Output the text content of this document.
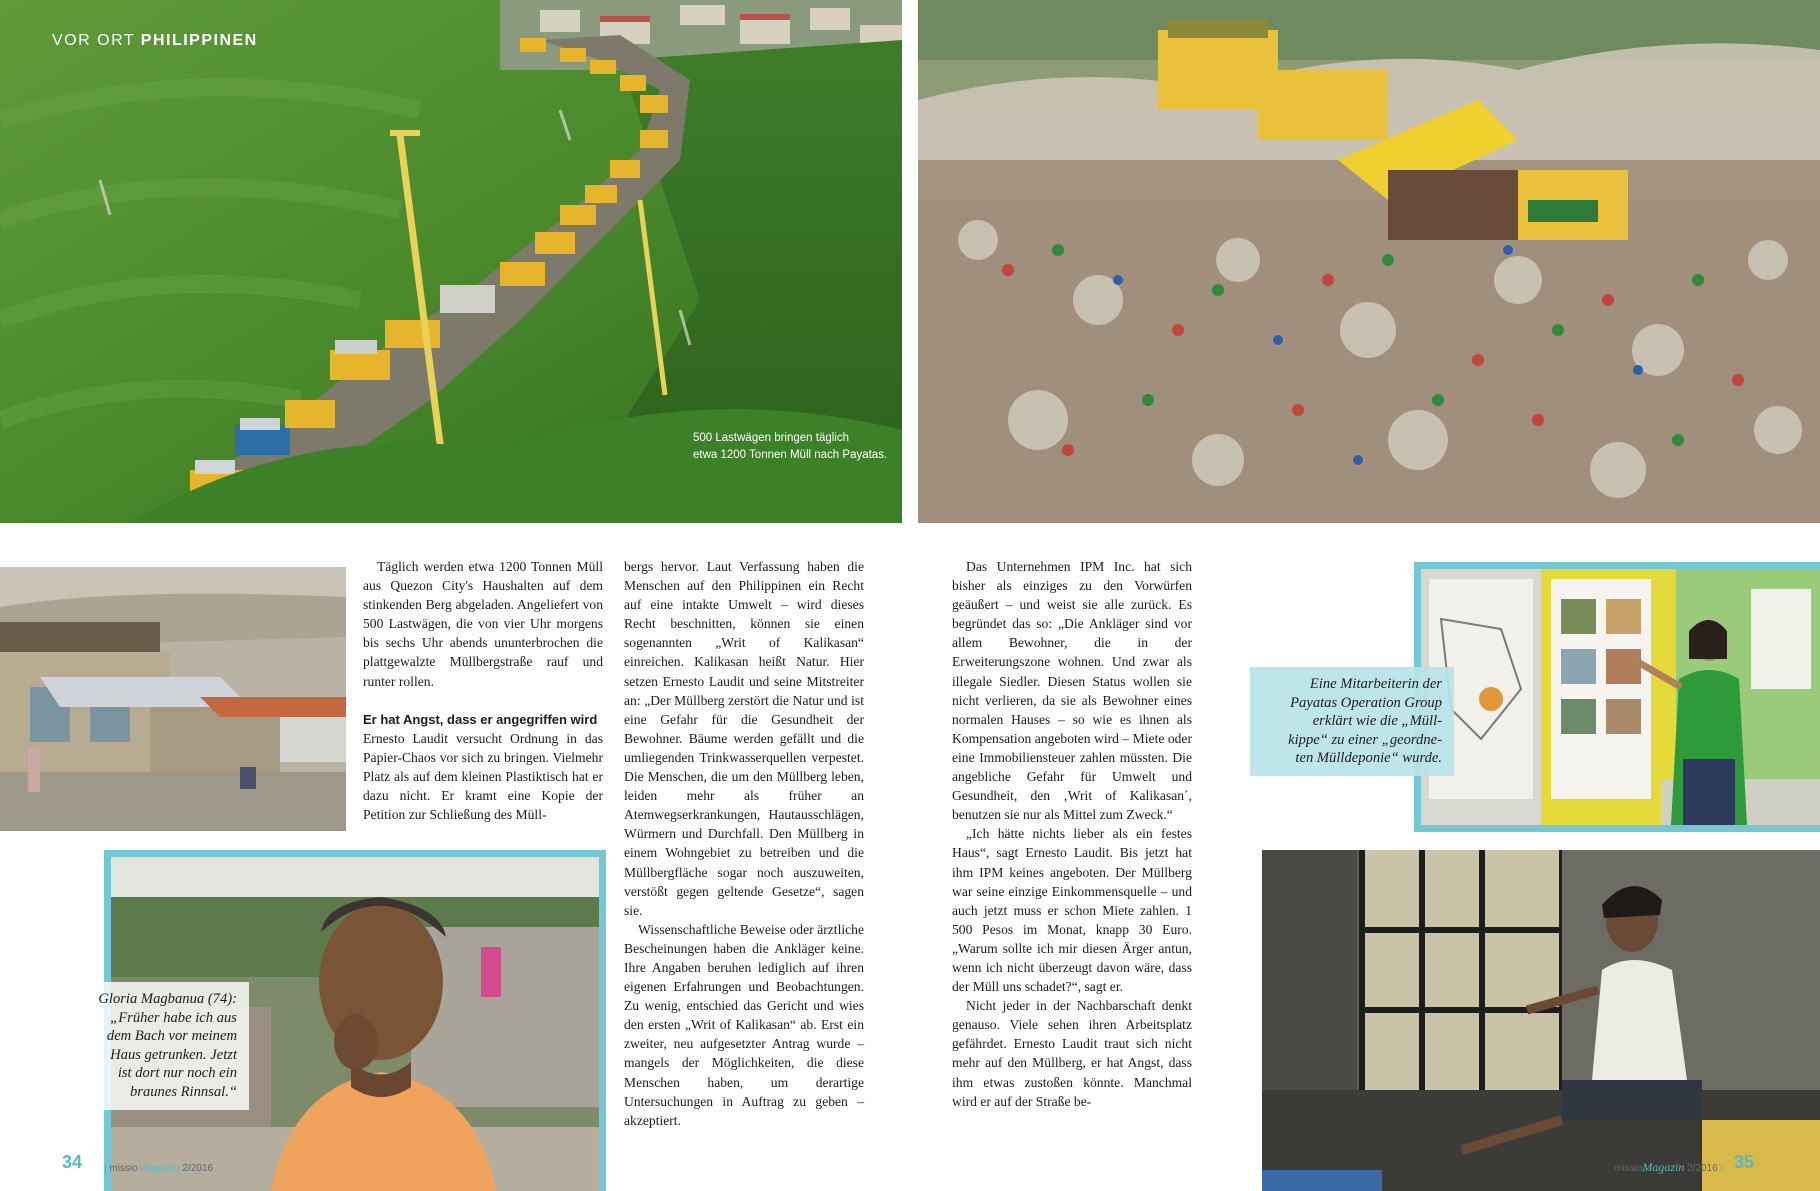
VOR ORT PHILIPPINEN
500 Lastwägen bringen täglich
etwa 1200 Tonnen Müll nach Payatas.

Täglich werden etwa 1200 Tonnen Müll aus Quezon City's Haushalten auf dem stinkenden Berg abgeladen. Angeliefert von 500 Lastwägen, die von vier Uhr morgens bis sechs Uhr abends ununterbrochen die plattgewalzte Müllbergstraße rauf und runter rollen.

Er hat Angst, dass er angegriffen wird

Ernesto Laudit versucht Ordnung in das Papier-Chaos vor sich zu bringen. Vielmehr Platz als auf dem kleinen Plastiktisch hat er dazu nicht. Er kramt eine Kopie der Petition zur Schließung des Müll-

bergs hervor. Laut Verfassung haben die Menschen auf den Philippinen ein Recht auf eine intakte Umwelt – wird dieses Recht beschnitten, können sie einen sogenannten „Writ of Kalikasan“ einreichen. Kalikasan heißt Natur. Hier setzen Ernesto Laudit und seine Mitstreiter an: „Der Müllberg zerstört die Natur und ist eine Gefahr für die Gesundheit der Bewohner. Bäume werden gefällt und die umliegenden Trinkwasserquellen verpestet. Die Menschen, die um den Müllberg leben, leiden mehr als früher an Atemwegserkrankungen, Hautausschlägen, Würmern und Durchfall. Den Müllberg in einem Wohngebiet zu betreiben und die Müllbergfläche sogar noch auszuweiten, verstößt gegen geltende Gesetze“, sagen sie.

Wissenschaftliche Beweise oder ärztliche Bescheinungen haben die Ankläger keine. Ihre Angaben beruhen lediglich auf ihren eigenen Erfahrungen und Beobachtungen. Zu wenig, entschied das Gericht und wies den ersten „Writ of Kalikasan“ ab. Erst ein zweiter, neu aufgesetzter Antrag wurde – mangels der Möglichkeiten, die diese Menschen haben, um derartige Untersuchungen in Auftrag zu geben – akzeptiert.

Gloria Magbanua (74):
„Früher habe ich aus
dem Bach vor meinem
Haus getrunken. Jetzt
ist dort nur noch ein
braunes Rinnsal.“

Das Unternehmen IPM Inc. hat sich bisher als einziges zu den Vorwürfen geäußert – und weist sie alle zurück. Es begründet das so: „Die Ankläger sind vor allem Bewohner, die in der Erweiterungszone wohnen. Und zwar als illegale Siedler. Diesen Status wollen sie nicht verlieren, da sie als Bewohner eines normalen Hauses – so wie es ihnen als Kompensation angeboten wird – Miete oder eine Immobiliensteuer zahlen müssten. Die angebliche Gefahr für Umwelt und Gesundheit, den ‚Writ of Kalikasan´, benutzen sie nur als Mittel zum Zweck.“

„Ich hätte nichts lieber als ein festes Haus“, sagt Ernesto Laudit. Bis jetzt hat ihm IPM keines angeboten. Der Müllberg war seine einzige Einkommensquelle – und auch jetzt muss er schon Miete zahlen. 1 500 Pesos im Monat, knapp 30 Euro. „Warum sollte ich mir diesen Ärger antun, wenn ich nicht überzeugt davon wäre, dass der Müll uns schadet?“, sagt er.

Nicht jeder in der Nachbarschaft denkt genauso. Viele sehen ihren Arbeitsplatz gefährdet. Ernesto Laudit traut sich nicht mehr auf den Müllberg, er hat Angst, dass ihm etwas zustoßen könnte. Manchmal wird er auf der Straße be-

Eine Mitarbeiterin der
Payatas Operation Group
erklärt wie die „Müll-
kippe“ zu einer „geordne-
ten Mülldeponie“ wurde.
34 | missioMagazin 2/2016	missioMagazin 2/2016 | 35
